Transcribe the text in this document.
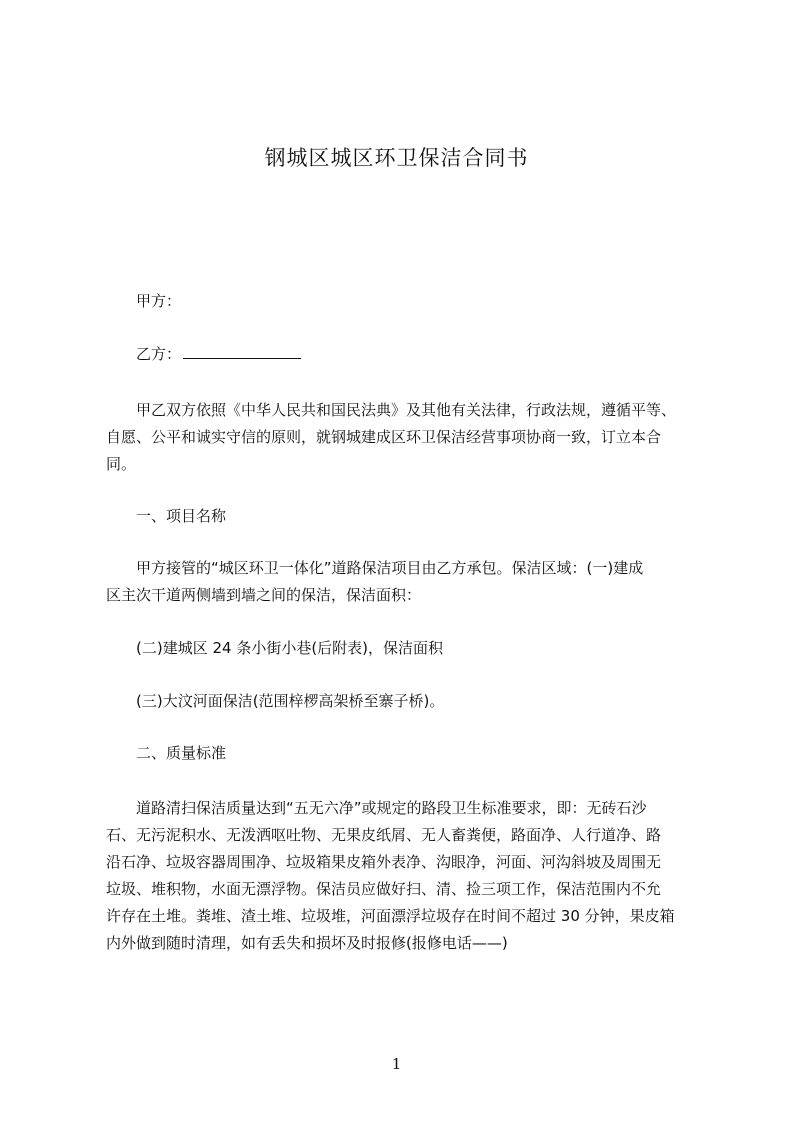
钢城区城区环卫保洁合同书
甲方：
乙方：
甲乙双方依照《中华人民共和国民法典》及其他有关法律，行政法规，遵循平等、
自愿、公平和诚实守信的原则，就钢城建成区环卫保洁经营事项协商一致，订立本合
同。
一、项目名称
甲方接管的“城区环卫一体化”道路保洁项目由乙方承包。保洁区域：(一)建成
区主次干道两侧墙到墙之间的保洁，保洁面积：
(二)建城区 24 条小街小巷(后附表)，保洁面积
(三)大汶河面保洁(范围梓椤高架桥至寨子桥)。
二、质量标准
道路清扫保洁质量达到“五无六净”或规定的路段卫生标准要求，即：无砖石沙
石、无污泥积水、无泼洒呕吐物、无果皮纸屑、无人畜粪便，路面净、人行道净、路
沿石净、垃圾容器周围净、垃圾箱果皮箱外表净、沟眼净，河面、河沟斜坡及周围无
垃圾、堆积物，水面无漂浮物。保洁员应做好扫、清、捡三项工作，保洁范围内不允
许存在土堆。粪堆、渣土堆、垃圾堆，河面漂浮垃圾存在时间不超过 30 分钟，果皮箱
内外做到随时清理，如有丢失和损坏及时报修(报修电话——)
1
